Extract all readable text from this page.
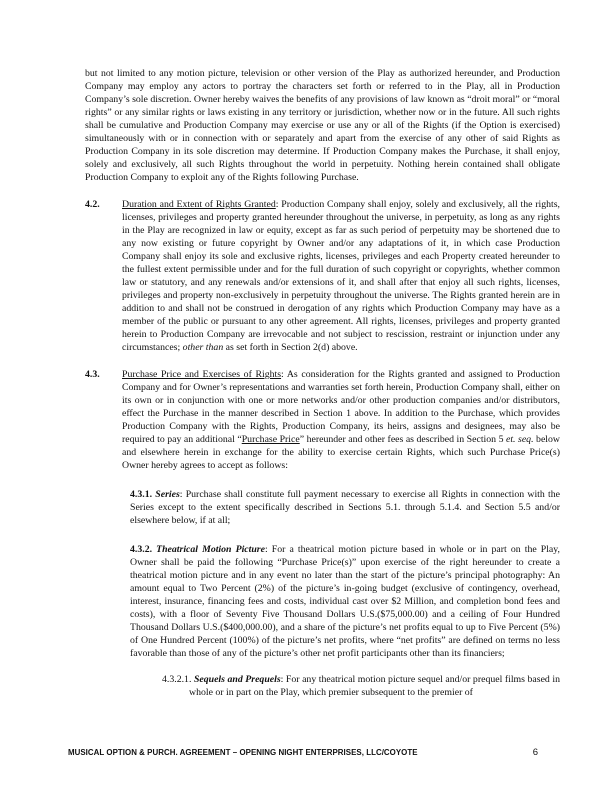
but not limited to any motion picture, television or other version of the Play as authorized hereunder, and Production Company may employ any actors to portray the characters set forth or referred to in the Play, all in Production Company’s sole discretion. Owner hereby waives the benefits of any provisions of law known as “droit moral” or “moral rights” or any similar rights or laws existing in any territory or jurisdiction, whether now or in the future. All such rights shall be cumulative and Production Company may exercise or use any or all of the Rights (if the Option is exercised) simultaneously with or in connection with or separately and apart from the exercise of any other of said Rights as Production Company in its sole discretion may determine. If Production Company makes the Purchase, it shall enjoy, solely and exclusively, all such Rights throughout the world in perpetuity. Nothing herein contained shall obligate Production Company to exploit any of the Rights following Purchase.

4.2.	Duration and Extent of Rights Granted: Production Company shall enjoy, solely and exclusively, all the rights, licenses, privileges and property granted hereunder throughout the universe, in perpetuity, as long as any rights in the Play are recognized in law or equity, except as far as such period of perpetuity may be shortened due to any now existing or future copyright by Owner and/or any adaptations of it, in which case Production Company shall enjoy its sole and exclusive rights, licenses, privileges and each Property created hereunder to the fullest extent permissible under and for the full duration of such copyright or copyrights, whether common law or statutory, and any renewals and/or extensions of it, and shall after that enjoy all such rights, licenses, privileges and property non-exclusively in perpetuity throughout the universe. The Rights granted herein are in addition to and shall not be construed in derogation of any rights which Production Company may have as a member of the public or pursuant to any other agreement. All rights, licenses, privileges and property granted herein to Production Company are irrevocable and not subject to rescission, restraint or injunction under any circumstances; other than as set forth in Section 2(d) above.
4.3.	Purchase Price and Exercises of Rights: As consideration for the Rights granted and assigned to Production Company and for Owner’s representations and warranties set forth herein, Production Company shall, either on its own or in conjunction with one or more networks and/or other production companies and/or distributors, effect the Purchase in the manner described in Section 1 above. In addition to the Purchase, which provides Production Company with the Rights, Production Company, its heirs, assigns and designees, may also be required to pay an additional “Purchase Price” hereunder and other fees as described in Section 5 et. seq. below and elsewhere herein in exchange for the ability to exercise certain Rights, which such Purchase Price(s) Owner hereby agrees to accept as follows:

4.3.1. Series: Purchase shall constitute full payment necessary to exercise all Rights in connection with the Series except to the extent specifically described in Sections 5.1. through 5.1.4. and Section 5.5 and/or elsewhere below, if at all;

4.3.2. Theatrical Motion Picture: For a theatrical motion picture based in whole or in part on the Play, Owner shall be paid the following “Purchase Price(s)” upon exercise of the right hereunder to create a theatrical motion picture and in any event no later than the start of the picture’s principal photography: An amount equal to Two Percent (2%) of the picture’s in-going budget (exclusive of contingency, overhead, interest, insurance, financing fees and costs, individual cast over $2 Million, and completion bond fees and costs), with a floor of Seventy Five Thousand Dollars U.S.($75,000.00) and a ceiling of Four Hundred Thousand Dollars U.S.($400,000.00), and a share of the picture’s net profits equal to up to Five Percent (5%) of One Hundred Percent (100%) of the picture’s net profits, where “net profits” are defined on terms no less favorable than those of any of the picture’s other net profit participants other than its financiers;

4.3.2.1. Sequels and Prequels: For any theatrical motion picture sequel and/or prequel films based in whole or in part on the Play, which premier subsequent to the premier of

MUSICAL OPTION & PURCH. AGREEMENT – OPENING NIGHT ENTERPRISES, LLC/COYOTE	6
